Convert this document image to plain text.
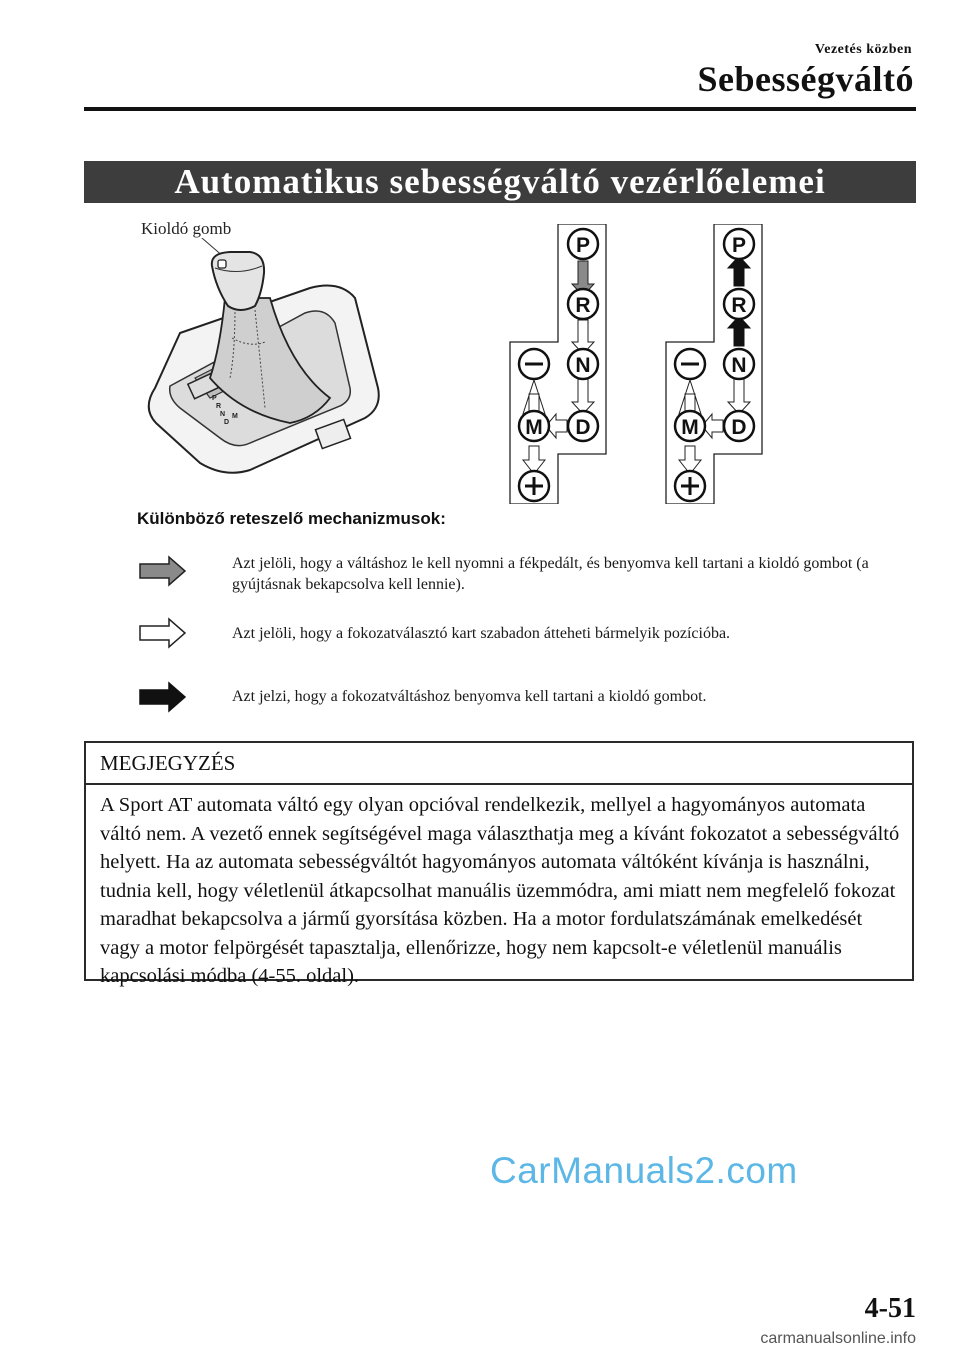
Vezetés közben
Sebességváltó
Automatikus sebességváltó vezérlőelemei
Kioldó gomb
P
R
N
D
M
P
R
N
D
M
P
R
N
D
M
Különböző reteszelő mechanizmusok:
Azt jelöli, hogy a váltáshoz le kell nyomni a fékpedált, és benyomva kell tartani a kioldó gombot (a gyújtásnak bekapcsolva kell lennie).
Azt jelöli, hogy a fokozatválasztó kart szabadon átteheti bármelyik pozícióba.
Azt jelzi, hogy a fokozatváltáshoz benyomva kell tartani a kioldó gombot.
MEGJEGYZÉS
A Sport AT automata váltó egy olyan opcióval rendelkezik, mellyel a hagyományos automata váltó nem. A vezető ennek segítségével maga választhatja meg a kívánt fokozatot a sebességváltó helyett. Ha az automata sebességváltót hagyományos automata váltóként kívánja is használni, tudnia kell, hogy véletlenül átkapcsolhat manuális üzemmódra, ami miatt nem megfelelő fokozat maradhat bekapcsolva a jármű gyorsítása közben. Ha a motor fordulatszámának emelkedését vagy a motor felpörgését tapasztalja, ellenőrizze, hogy nem kapcsolt-e véletlenül manuális kapcsolási módba (4-55. oldal).
CarManuals2.com
4-51
carmanualsonline.info
